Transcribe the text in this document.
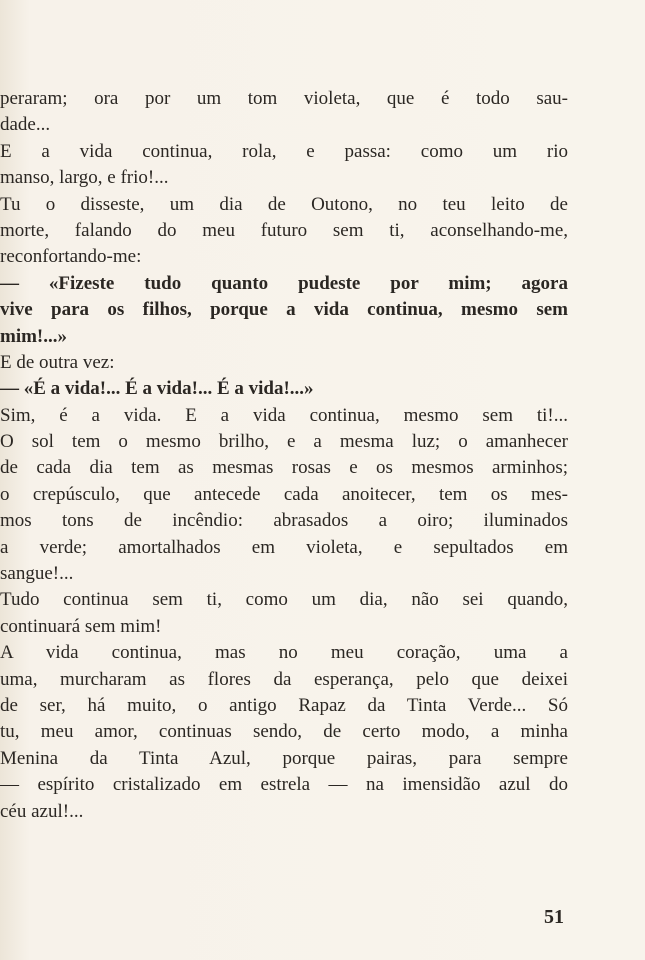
peraram; ora por um tom violeta, que é todo sau-
dade...
E a vida continua, rola, e passa: como um rio
manso, largo, e frio!...
Tu o disseste, um dia de Outono, no teu leito de
morte, falando do meu futuro sem ti, aconselhando-me,
reconfortando-me:
— «Fizeste tudo quanto pudeste por mim; agora
vive para os filhos, porque a vida continua, mesmo sem
mim!...»
E de outra vez:
— «É a vida!... É a vida!... É a vida!...»
Sim, é a vida. E a vida continua, mesmo sem ti!...
O sol tem o mesmo brilho, e a mesma luz; o amanhecer
de cada dia tem as mesmas rosas e os mesmos arminhos;
o crepúsculo, que antecede cada anoitecer, tem os mes-
mos tons de incêndio: abrasados a oiro; iluminados
a verde; amortalhados em violeta, e sepultados em
sangue!...
Tudo continua sem ti, como um dia, não sei quando,
continuará sem mim!
A vida continua, mas no meu coração, uma a
uma, murcharam as flores da esperança, pelo que deixei
de ser, há muito, o antigo Rapaz da Tinta Verde... Só
tu, meu amor, continuas sendo, de certo modo, a minha
Menina da Tinta Azul, porque pairas, para sempre
— espírito cristalizado em estrela — na imensidão azul do
céu azul!...
51
